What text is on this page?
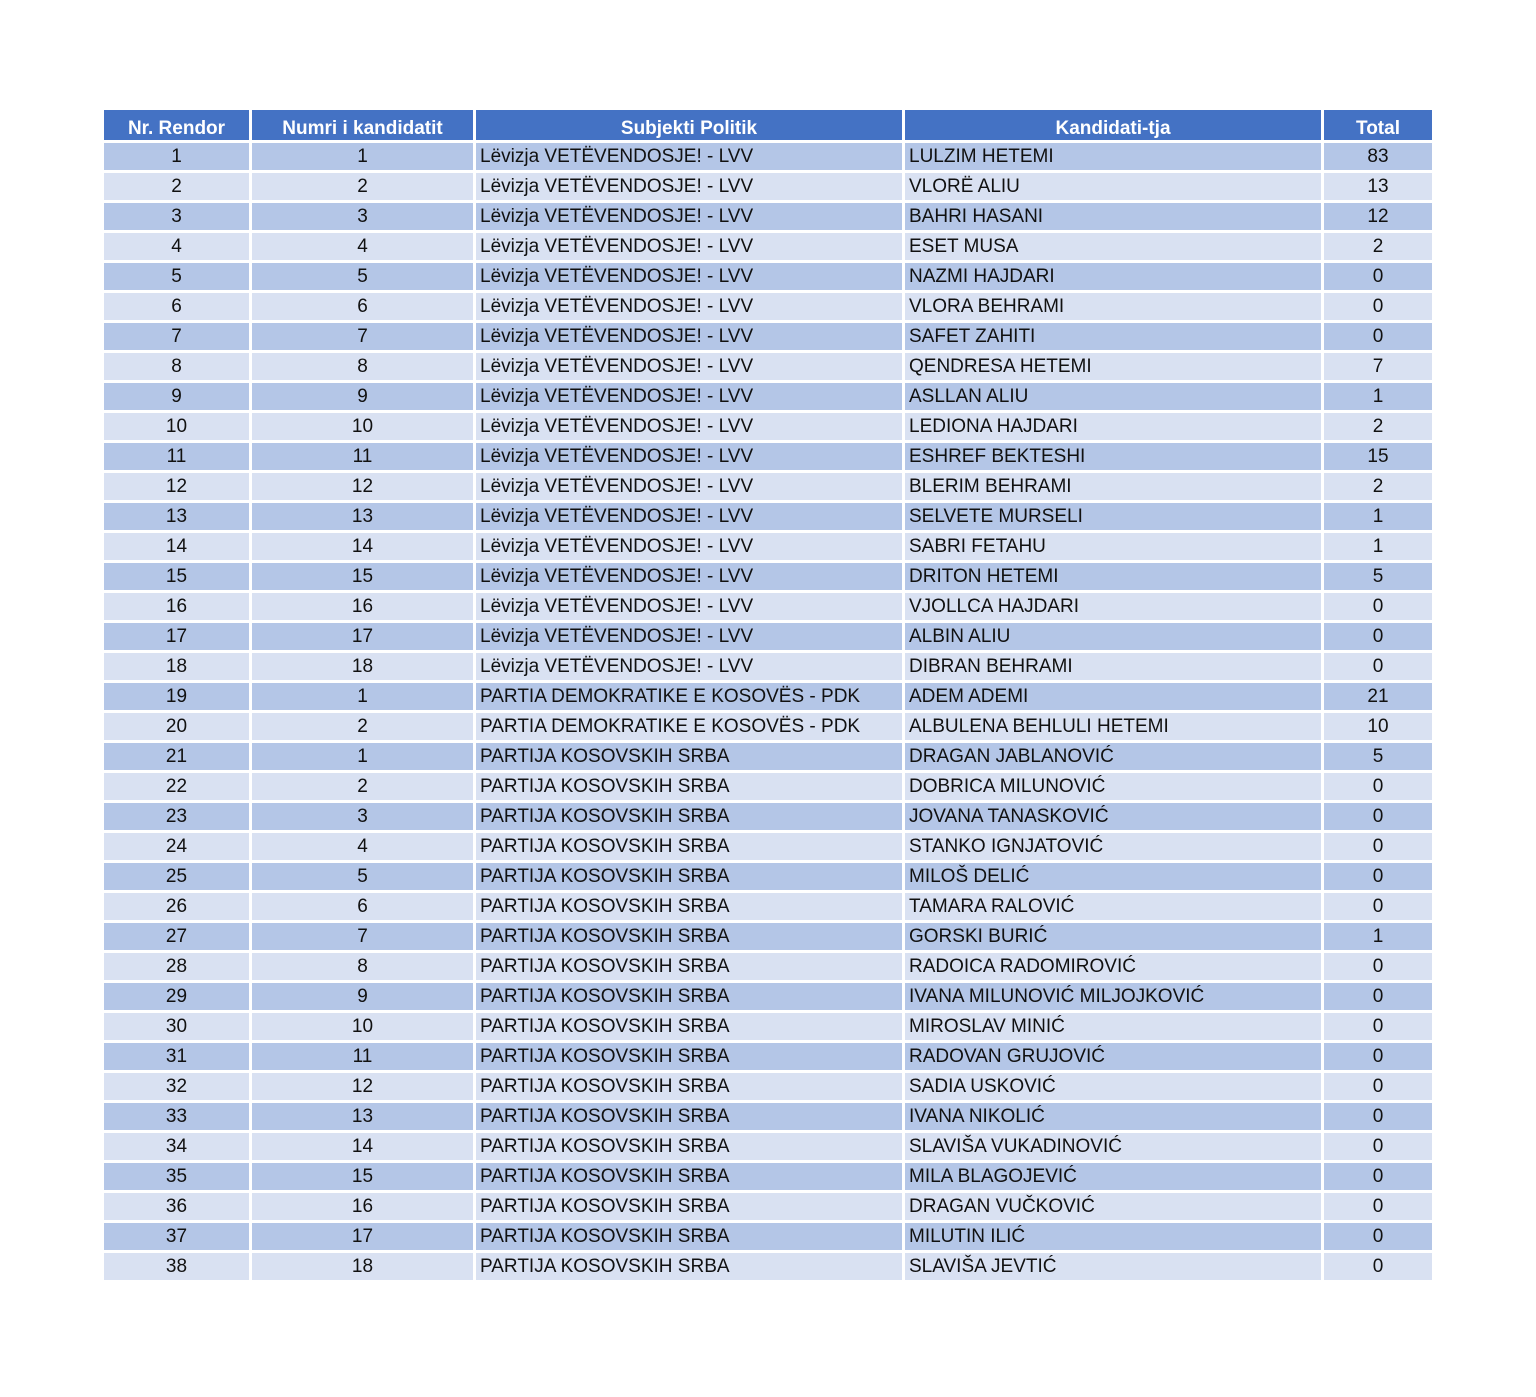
Nr. Rendor	Numri i kandidatit	Subjekti Politik	Kandidati-tja	Total
1	1	Lëvizja VETËVENDOSJE! - LVV	LULZIM HETEMI	83
2	2	Lëvizja VETËVENDOSJE! - LVV	VLORË ALIU	13
3	3	Lëvizja VETËVENDOSJE! - LVV	BAHRI HASANI	12
4	4	Lëvizja VETËVENDOSJE! - LVV	ESET MUSA	2
5	5	Lëvizja VETËVENDOSJE! - LVV	NAZMI HAJDARI	0
6	6	Lëvizja VETËVENDOSJE! - LVV	VLORA BEHRAMI	0
7	7	Lëvizja VETËVENDOSJE! - LVV	SAFET ZAHITI	0
8	8	Lëvizja VETËVENDOSJE! - LVV	QENDRESA HETEMI	7
9	9	Lëvizja VETËVENDOSJE! - LVV	ASLLAN ALIU	1
10	10	Lëvizja VETËVENDOSJE! - LVV	LEDIONA HAJDARI	2
11	11	Lëvizja VETËVENDOSJE! - LVV	ESHREF BEKTESHI	15
12	12	Lëvizja VETËVENDOSJE! - LVV	BLERIM BEHRAMI	2
13	13	Lëvizja VETËVENDOSJE! - LVV	SELVETE MURSELI	1
14	14	Lëvizja VETËVENDOSJE! - LVV	SABRI FETAHU	1
15	15	Lëvizja VETËVENDOSJE! - LVV	DRITON HETEMI	5
16	16	Lëvizja VETËVENDOSJE! - LVV	VJOLLCA HAJDARI	0
17	17	Lëvizja VETËVENDOSJE! - LVV	ALBIN ALIU	0
18	18	Lëvizja VETËVENDOSJE! - LVV	DIBRAN BEHRAMI	0
19	1	PARTIA DEMOKRATIKE E KOSOVËS - PDK	ADEM ADEMI	21
20	2	PARTIA DEMOKRATIKE E KOSOVËS - PDK	ALBULENA BEHLULI HETEMI	10
21	1	PARTIJA KOSOVSKIH SRBA	DRAGAN JABLANOVIĆ	5
22	2	PARTIJA KOSOVSKIH SRBA	DOBRICA MILUNOVIĆ	0
23	3	PARTIJA KOSOVSKIH SRBA	JOVANA TANASKOVIĆ	0
24	4	PARTIJA KOSOVSKIH SRBA	STANKO IGNJATOVIĆ	0
25	5	PARTIJA KOSOVSKIH SRBA	MILOŠ DELIĆ	0
26	6	PARTIJA KOSOVSKIH SRBA	TAMARA RALOVIĆ	0
27	7	PARTIJA KOSOVSKIH SRBA	GORSKI BURIĆ	1
28	8	PARTIJA KOSOVSKIH SRBA	RADOICA RADOMIROVIĆ	0
29	9	PARTIJA KOSOVSKIH SRBA	IVANA MILUNOVIĆ MILJOJKOVIĆ	0
30	10	PARTIJA KOSOVSKIH SRBA	MIROSLAV MINIĆ	0
31	11	PARTIJA KOSOVSKIH SRBA	RADOVAN GRUJOVIĆ	0
32	12	PARTIJA KOSOVSKIH SRBA	SADIA USKOVIĆ	0
33	13	PARTIJA KOSOVSKIH SRBA	IVANA NIKOLIĆ	0
34	14	PARTIJA KOSOVSKIH SRBA	SLAVIŠA VUKADINOVIĆ	0
35	15	PARTIJA KOSOVSKIH SRBA	MILA BLAGOJEVIĆ	0
36	16	PARTIJA KOSOVSKIH SRBA	DRAGAN VUČKOVIĆ	0
37	17	PARTIJA KOSOVSKIH SRBA	MILUTIN ILIĆ	0
38	18	PARTIJA KOSOVSKIH SRBA	SLAVIŠA JEVTIĆ	0
